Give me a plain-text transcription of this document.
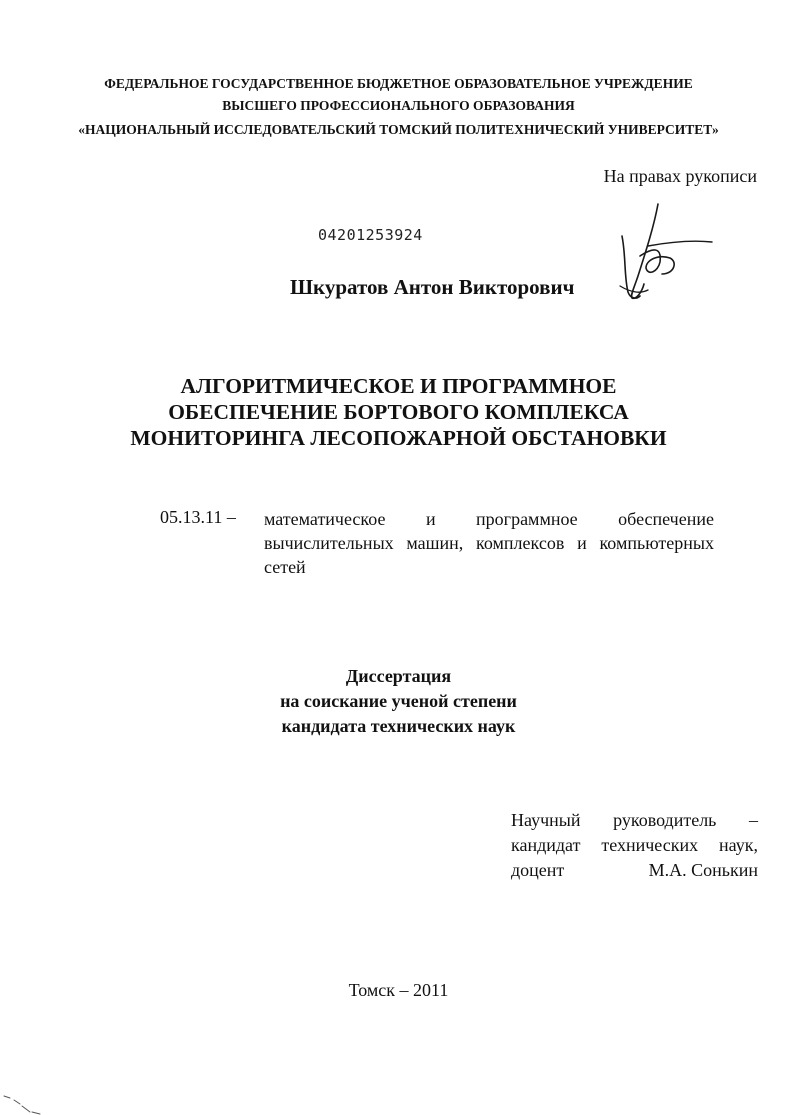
ФЕДЕРАЛЬНОЕ ГОСУДАРСТВЕННОЕ БЮДЖЕТНОЕ ОБРАЗОВАТЕЛЬНОЕ УЧРЕЖДЕНИЕ
ВЫСШЕГО ПРОФЕССИОНАЛЬНОГО ОБРАЗОВАНИЯ
«НАЦИОНАЛЬНЫЙ ИССЛЕДОВАТЕЛЬСКИЙ ТОМСКИЙ ПОЛИТЕХНИЧЕСКИЙ УНИВЕРСИТЕТ»
На правах рукописи
04201253924
Шкуратов Антон Викторович
АЛГОРИТМИЧЕСКОЕ И ПРОГРАММНОЕ
ОБЕСПЕЧЕНИЕ БОРТОВОГО КОМПЛЕКСА
МОНИТОРИНГА ЛЕСОПОЖАРНОЙ ОБСТАНОВКИ
05.13.11 – математическое и программное обеспечение
вычислительных машин, комплексов и компьютерных
сетей
Диссертация
на соискание ученой степени
кандидата технических наук
Научный руководитель –
кандидат технических наук,
доцент	М.А. Сонькин
Томск – 2011
